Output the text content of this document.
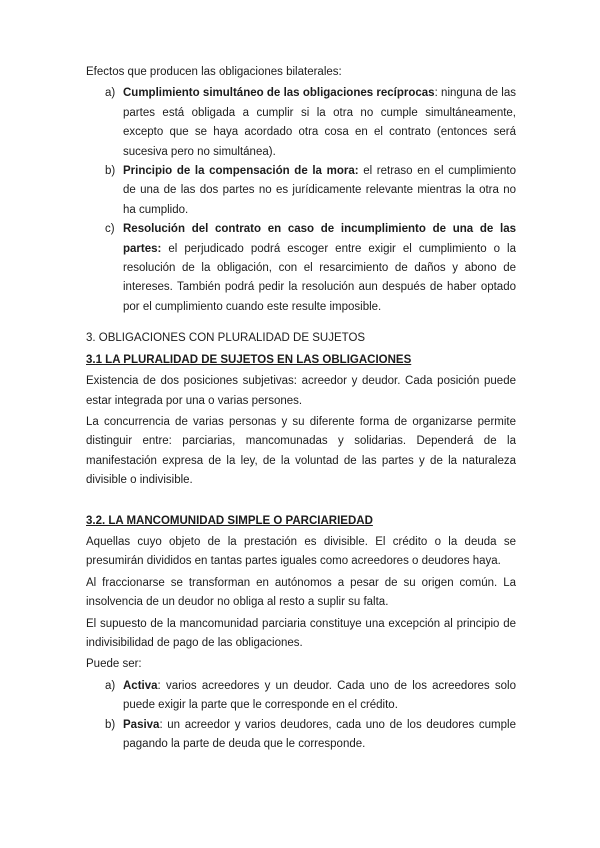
Efectos que producen las obligaciones bilaterales:

a) Cumplimiento simultáneo de las obligaciones recíprocas: ninguna de las partes está obligada a cumplir si la otra no cumple simultáneamente, excepto que se haya acordado otra cosa en el contrato (entonces será sucesiva pero no simultánea).
b) Principio de la compensación de la mora: el retraso en el cumplimiento de una de las dos partes no es jurídicamente relevante mientras la otra no ha cumplido.
c) Resolución del contrato en caso de incumplimiento de una de las partes: el perjudicado podrá escoger entre exigir el cumplimiento o la resolución de la obligación, con el resarcimiento de daños y abono de intereses. También podrá pedir la resolución aun después de haber optado por el cumplimiento cuando este resulte imposible.

3. OBLIGACIONES CON PLURALIDAD DE SUJETOS

3.1 LA PLURALIDAD DE SUJETOS EN LAS OBLIGACIONES

Existencia de dos posiciones subjetivas: acreedor y deudor. Cada posición puede estar integrada por una o varias persones.

La concurrencia de varias personas y su diferente forma de organizarse permite distinguir entre: parciarias, mancomunadas y solidarias. Dependerá de la manifestación expresa de la ley, de la voluntad de las partes y de la naturaleza divisible o indivisible.

3.2. LA MANCOMUNIDAD SIMPLE O PARCIARIEDAD

Aquellas cuyo objeto de la prestación es divisible. El crédito o la deuda se presumirán divididos en tantas partes iguales como acreedores o deudores haya.

Al fraccionarse se transforman en autónomos a pesar de su origen común. La insolvencia de un deudor no obliga al resto a suplir su falta.

El supuesto de la mancomunidad parciaria constituye una excepción al principio de indivisibilidad de pago de las obligaciones.

Puede ser:

a) Activa: varios acreedores y un deudor. Cada uno de los acreedores solo puede exigir la parte que le corresponde en el crédito.
b) Pasiva: un acreedor y varios deudores, cada uno de los deudores cumple pagando la parte de deuda que le corresponde.
